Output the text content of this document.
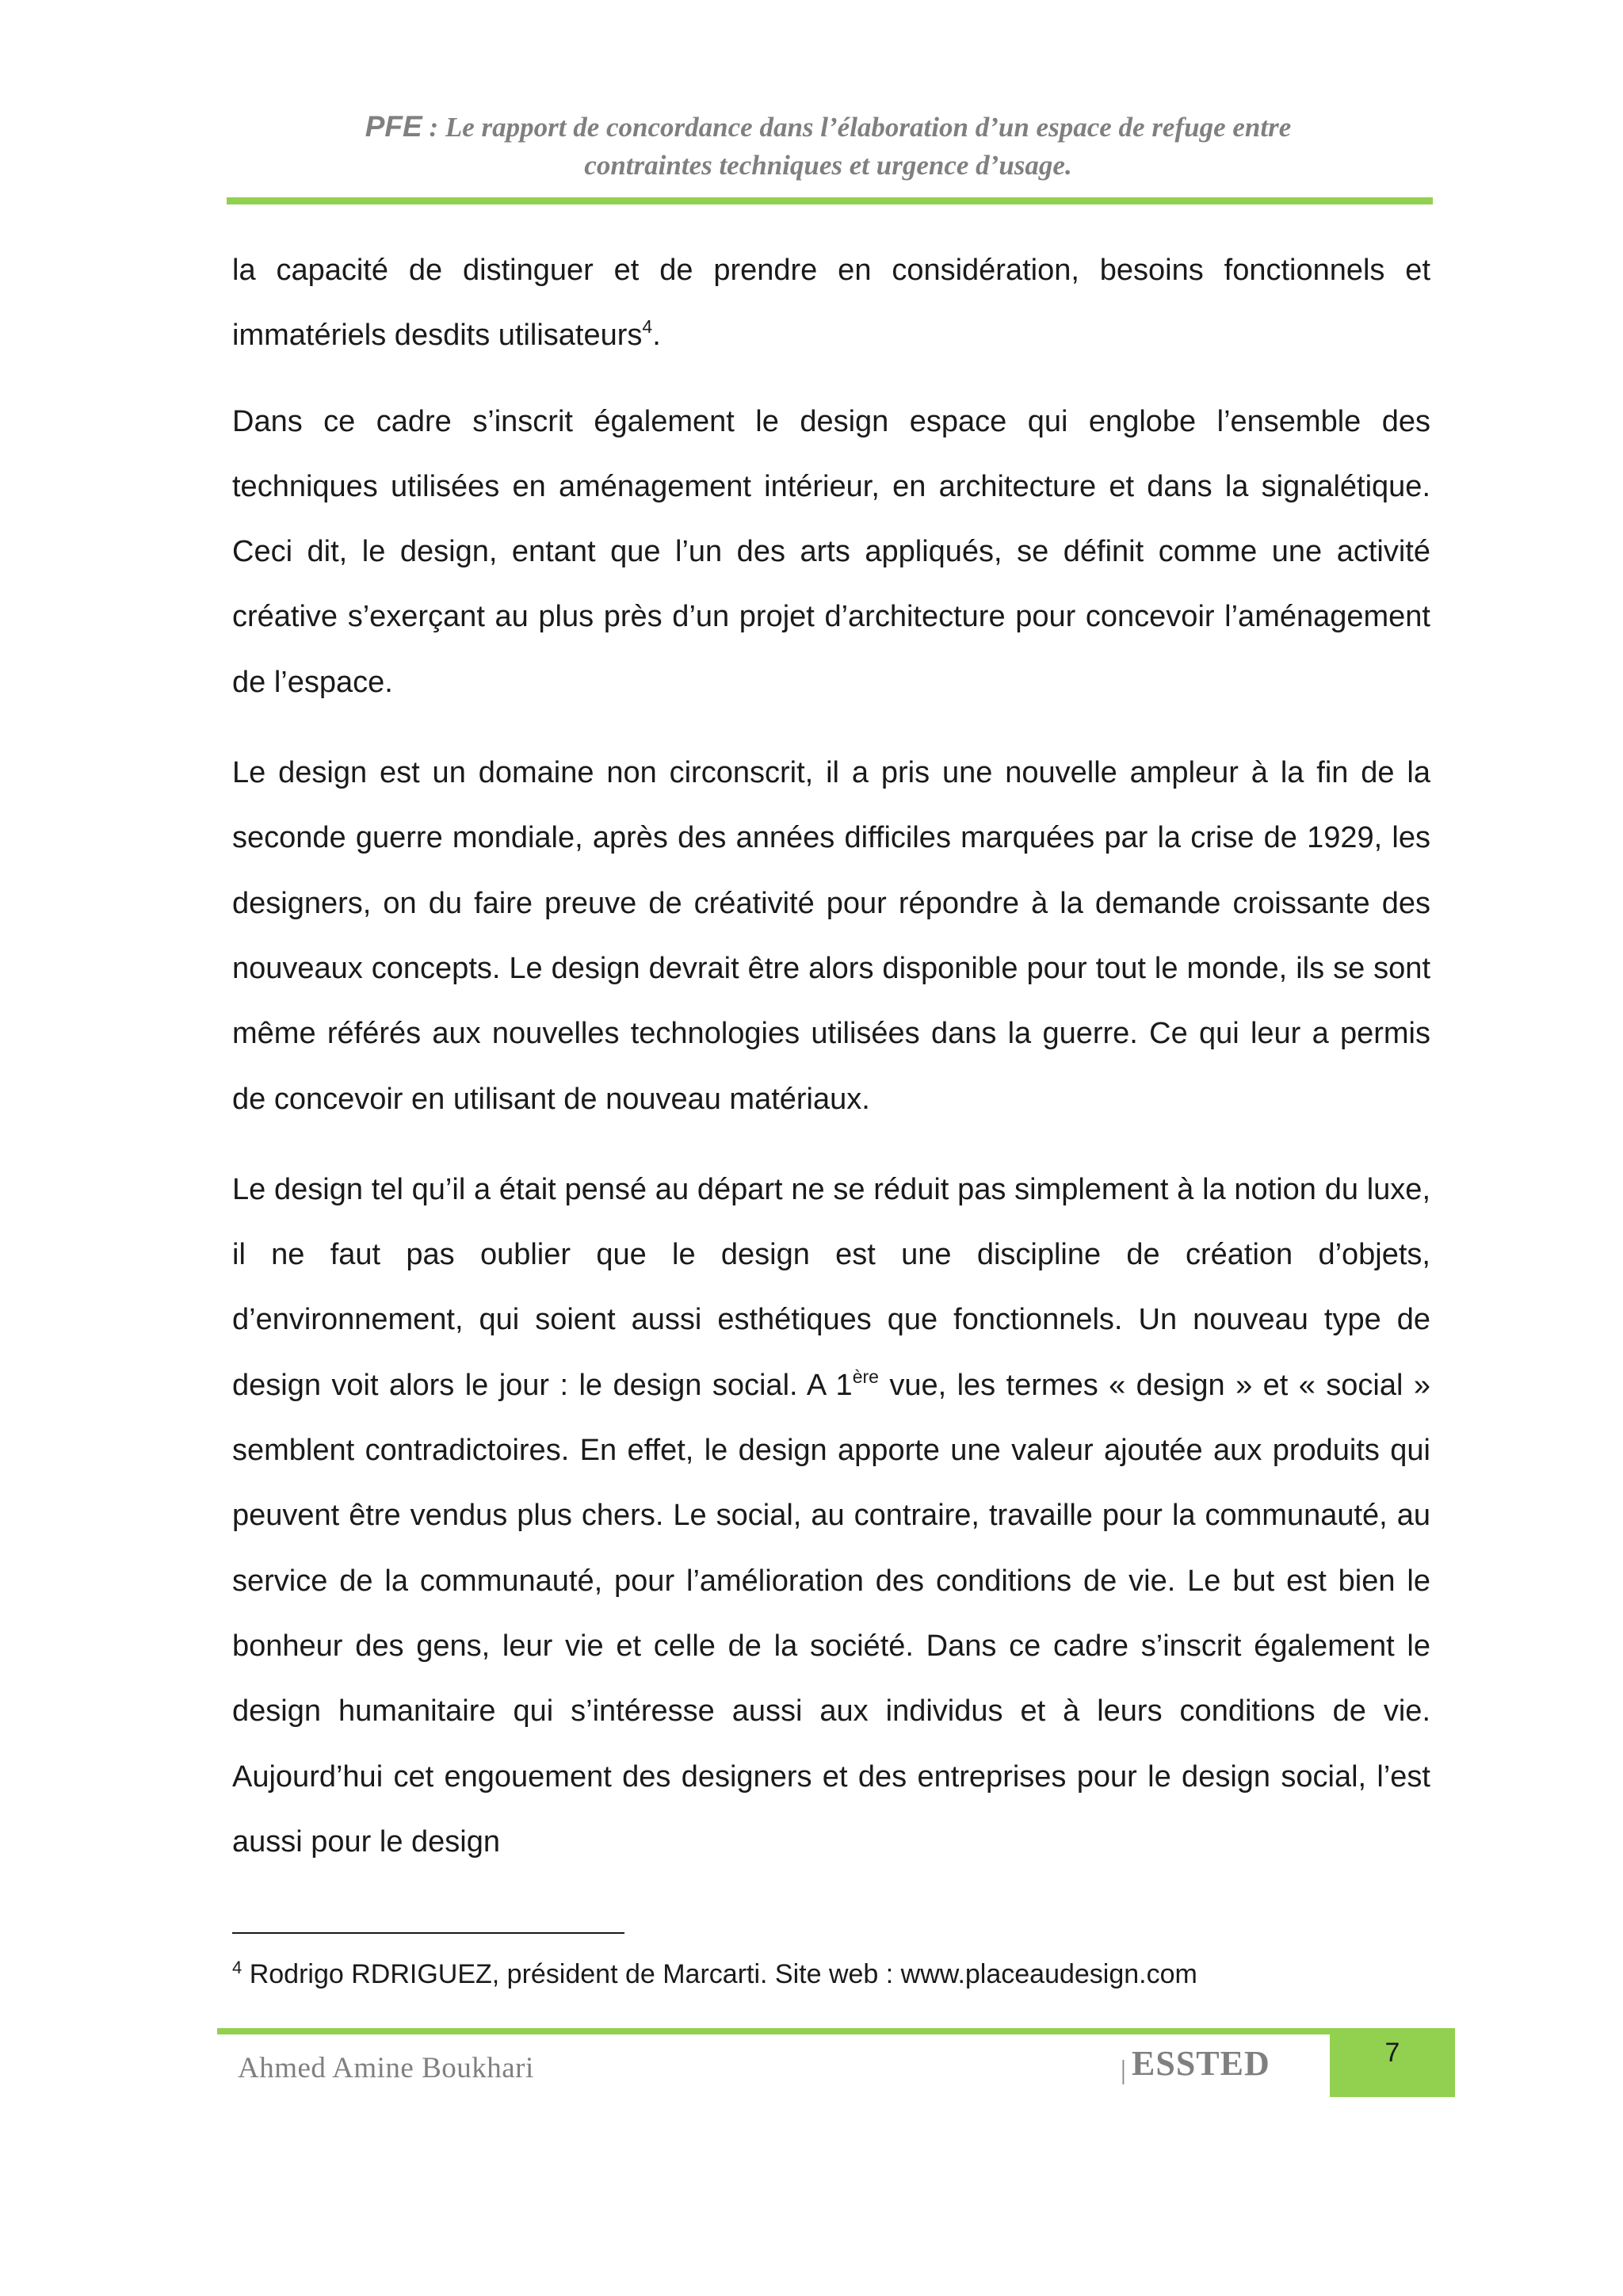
PFE : Le rapport de concordance dans l’élaboration d’un espace de refuge entre
contraintes techniques et urgence d’usage.

la capacité de distinguer et de prendre en considération, besoins fonctionnels et immatériels desdits utilisateurs$^4$.

Dans ce cadre s’inscrit également le design espace qui englobe l’ensemble des techniques utilisées en aménagement intérieur, en architecture et dans la signalétique. Ceci dit, le design, entant que l’un des arts appliqués, se définit comme une activité créative s’exerçant au plus près d’un projet d’architecture pour concevoir l’aménagement de l’espace.

Le design est un domaine non circonscrit, il a pris une nouvelle ampleur à la fin de la seconde guerre mondiale, après des années difficiles marquées par la crise de 1929, les designers, on du faire preuve de créativité pour répondre à la demande croissante des nouveaux concepts. Le design devrait être alors disponible pour tout le monde, ils se sont même référés aux nouvelles technologies utilisées dans la guerre. Ce qui leur a permis de concevoir en utilisant de nouveau matériaux.

Le design tel qu’il a était pensé au départ ne se réduit pas simplement à la notion du luxe, il ne faut pas oublier que le design est une discipline de création d’objets, d’environnement, qui soient aussi esthétiques que fonctionnels. Un nouveau type de design voit alors le jour : le design social. A 1ère vue, les termes « design » et « social » semblent contradictoires. En effet, le design apporte une valeur ajoutée aux produits qui peuvent être vendus plus chers. Le social, au contraire, travaille pour la communauté, au service de la communauté, pour l’amélioration des conditions de vie. Le but est bien le bonheur des gens, leur vie et celle de la société. Dans ce cadre s’inscrit également le design humanitaire qui s’intéresse aussi aux individus et à leurs conditions de vie. Aujourd’hui cet engouement des designers et des entreprises pour le design social, l’est aussi pour le design

$^4$ Rodrigo RDRIGUEZ, président de Marcarti. Site web : www.placeaudesign.com
Ahmed Amine Boukhari	| ESSTED	7
